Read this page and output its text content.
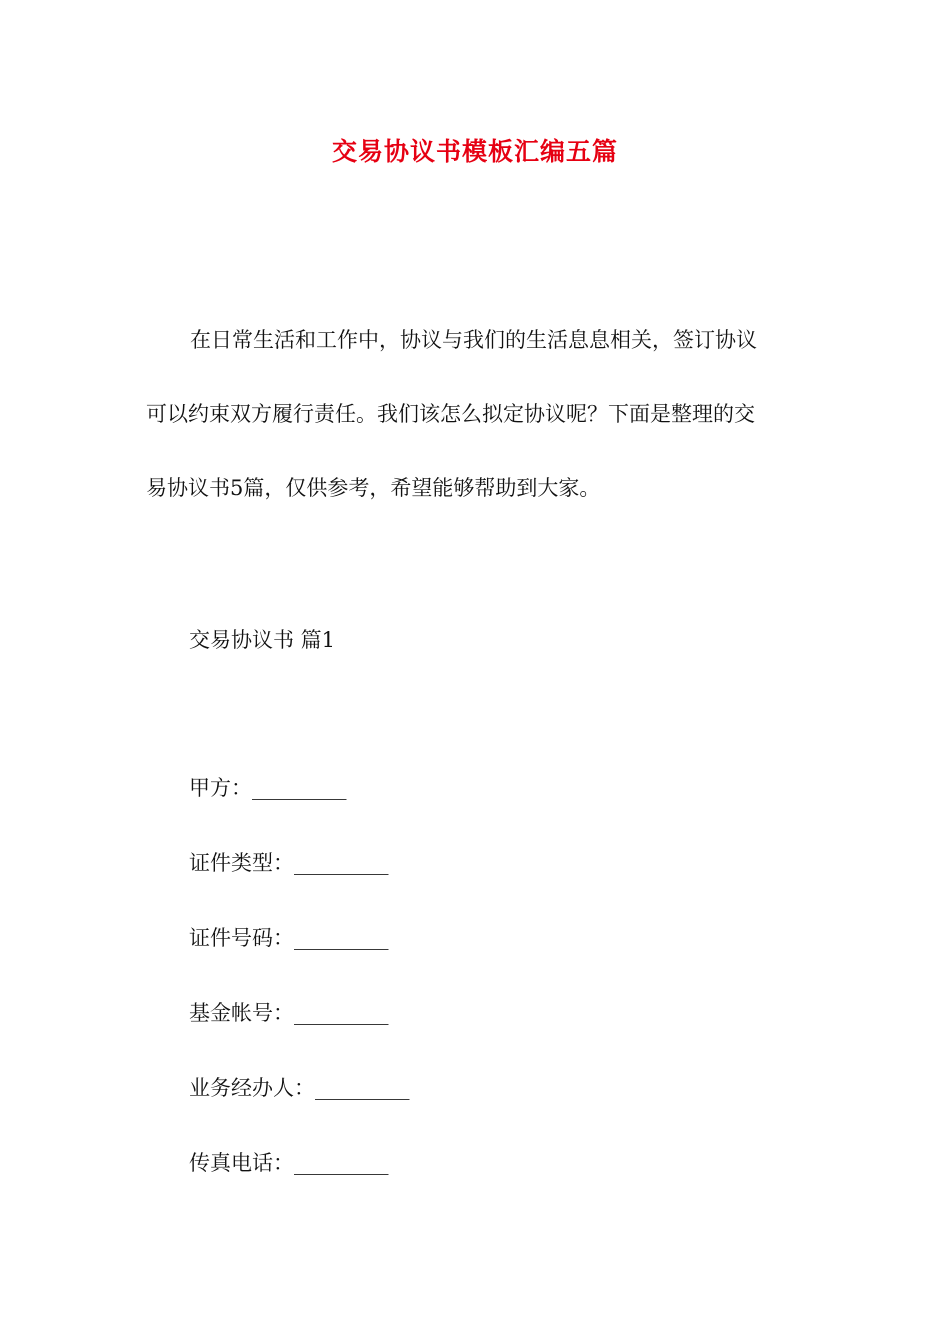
交易协议书模板汇编五篇
在日常生活和工作中，协议与我们的生活息息相关，签订协议
可以约束双方履行责任。我们该怎么拟定协议呢？下面是整理的交
易协议书5篇，仅供参考，希望能够帮助到大家。
交易协议书 篇1
甲方：_________
证件类型：_________
证件号码：_________
基金帐号：_________
业务经办人：_________
传真电话：_________
